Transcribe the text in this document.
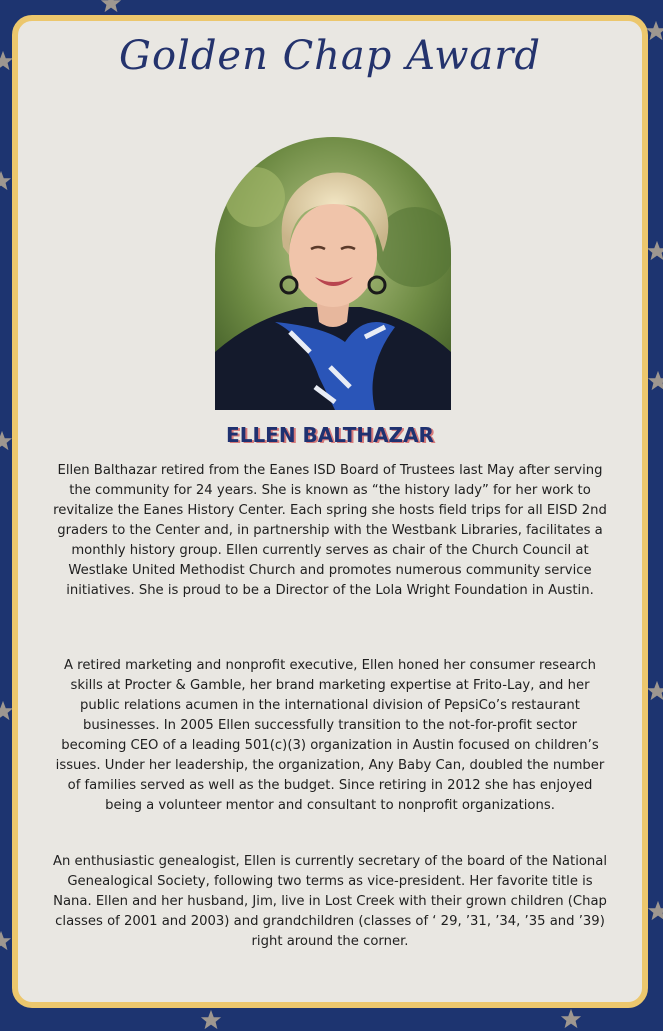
Golden Chap Award
ELLEN BALTHAZAR

Ellen Balthazar retired from the Eanes ISD Board of Trustees last May after serving the community for 24 years. She is known as “the history lady” for her work to revitalize the Eanes History Center. Each spring she hosts field trips for all EISD 2nd graders to the Center and, in partnership with the Westbank Libraries, facilitates a monthly history group. Ellen currently serves as chair of the Church Council at Westlake United Methodist Church and promotes numerous community service initiatives. She is proud to be a Director of the Lola Wright Foundation in Austin.

A retired marketing and nonprofit executive, Ellen honed her consumer research skills at Procter & Gamble, her brand marketing expertise at Frito-Lay, and her public relations acumen in the international division of PepsiCo’s restaurant businesses. In 2005 Ellen successfully transition to the not-for-profit sector becoming CEO of a leading 501(c)(3) organization in Austin focused on children’s issues. Under her leadership, the organization, Any Baby Can, doubled the number of families served as well as the budget. Since retiring in 2012 she has enjoyed being a volunteer mentor and consultant to nonprofit organizations.

An enthusiastic genealogist, Ellen is currently secretary of the board of the National Genealogical Society, following two terms as vice-president. Her favorite title is Nana. Ellen and her husband, Jim, live in Lost Creek with their grown children (Chap classes of 2001 and 2003) and grandchildren (classes of ‘ 29, ’31, ’34, ’35 and ’39) right around the corner.
